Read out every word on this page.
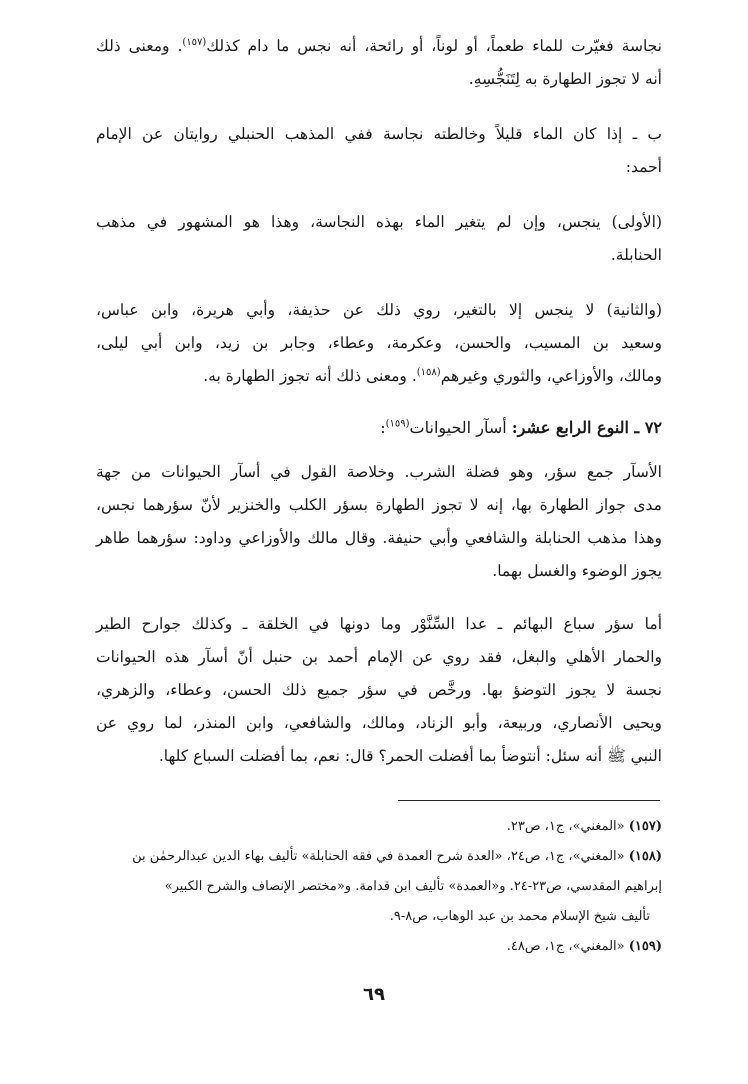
نجاسة فغيّرت للماء طعماً، أو لوناً، أو رائحة، أنه نجس ما دام كذلك$^{(١٥٧)}$. ومعنى ذلك
أنه لا تجوز الطهارة به لِتَنَجُّسِهِ.

ب ـ إذا كان الماء قليلاً وخالطته نجاسة ففي المذهب الحنبلي روايتان عن الإمام
أحمد:

(الأولى) ينجس، وإن لم يتغير الماء بهذه النجاسة، وهذا هو المشهور في مذهب
الحنابلة.

(والثانية) لا ينجس إلا بالتغير، روي ذلك عن حذيفة، وأبي هريرة، وابن عباس،
وسعيد بن المسيب، والحسن، وعكرمة، وعطاء، وجابر بن زيد، وابن أبي ليلى،
ومالك، والأوزاعي، والثوري وغيرهم$^{(١٥٨)}$. ومعنى ذلك أنه تجوز الطهارة به.

٧٢ ـ النوع الرابع عشر: أسآر الحيوانات$^{(١٥٩)}$:

الأسآر جمع سؤر، وهو فضلة الشرب. وخلاصة القول في أسآر الحيوانات من جهة
مدى جواز الطهارة بها، إنه لا تجوز الطهارة بسؤر الكلب والخنزير لأنّ سؤرهما نجس،
وهذا مذهب الحنابلة والشافعي وأبي حنيفة. وقال مالك والأوزاعي وداود: سؤرهما طاهر
يجوز الوضوء والغسل بهما.

أما سؤر سباع البهائم ـ عدا السِّنَّوْر وما دونها في الخلقة ـ وكذلك جوارح الطير
والحمار الأهلي والبغل، فقد روي عن الإمام أحمد بن حنبل أنّ أسآر هذه الحيوانات
نجسة لا يجوز التوضؤ بها. ورخَّص في سؤر جميع ذلك الحسن، وعطاء، والزهري،
ويحيى الأنصاري، وربيعة، وأبو الزناد، ومالك، والشافعي، وابن المنذر، لما روي عن
النبي ﷺ أنه سئل: أنتوضأ بما أفضلت الحمر؟ قال: نعم، بما أفضلت السباع كلها.

(١٥٧) «المغني»، ج١، ص٢٣.
(١٥٨) «المغني»، ج١، ص٢٤، «العدة شرح العمدة في فقه الحنابلة» تأليف بهاء الدين عبدالرحمٰن بن
إبراهيم المقدسي، ص٢٣-٢٤. و«العمدة» تأليف ابن قدامة. و«مختصر الإنصاف والشرح الكبير»
تأليف شيخ الإسلام محمد بن عبد الوهاب، ص٨-٩.
(١٥٩) «المغني»، ج١، ص٤٨.
٦٩
